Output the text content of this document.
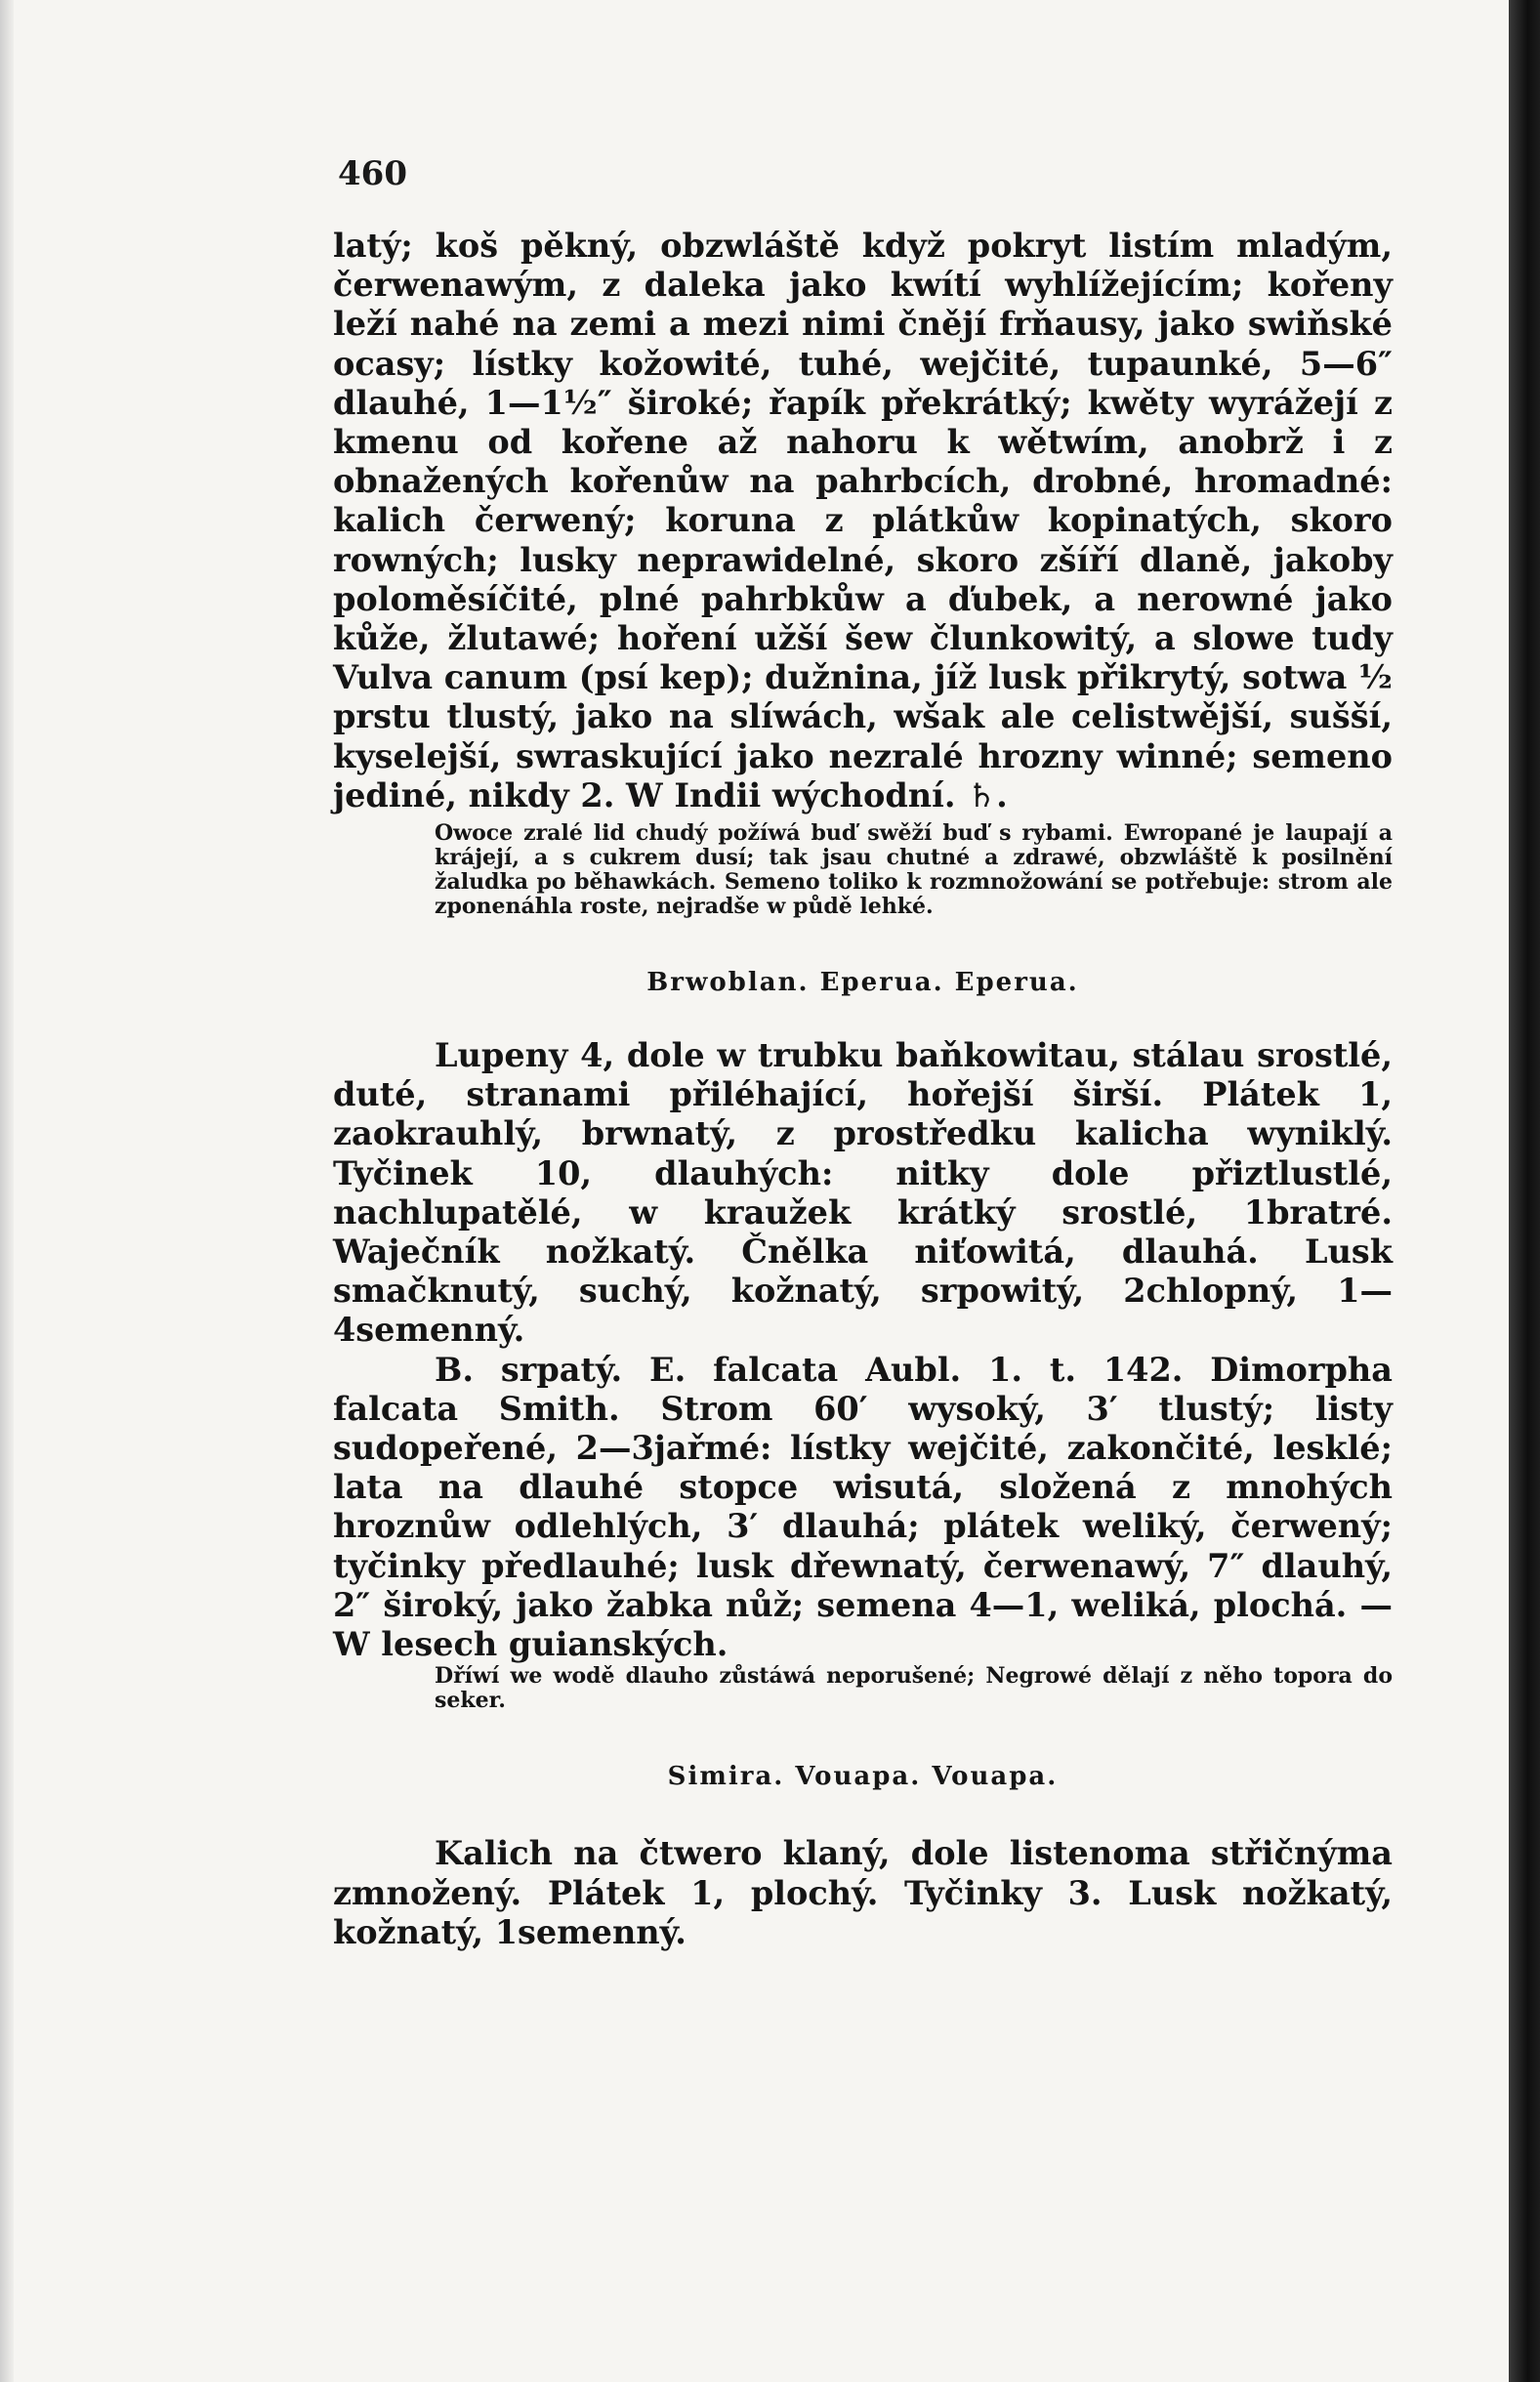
460

latý; koš pěkný, obzwláště když pokryt listím mladým, čerwenawým, z daleka jako kwítí wyhlížejícím; kořeny leží nahé na zemi a mezi nimi čnějí frňausy, jako swiňské ocasy; lístky kožowité, tuhé, wejčité, tupaunké, 5—6″ dlauhé, 1—1½″ široké; řapík překrátký; kwěty wyrážejí z kmenu od kořene až nahoru k wětwím, anobrž i z obnažených kořenůw na pahrbcích, drobné, hromadné: kalich čerwený; koruna z plátkůw kopinatých, skoro rowných; lusky neprawidelné, skoro zšíří dlaně, jakoby poloměsíčité, plné pahrbkůw a ďubek, a nerowné jako kůže, žlutawé; hoření užší šew člunkowitý, a slowe tudy Vulva canum (psí kep); dužnina, jíž lusk přikrytý, sotwa ½ prstu tlustý, jako na slíwách, wšak ale celistwější, sušší, kyselejší, swraskující jako nezralé hrozny winné; semeno jediné, nikdy 2. W Indii wýchodní. ♄.

Owoce zralé lid chudý požíwá buď swěží buď s rybami. Ewropané je laupají a krájejí, a s cukrem dusí; tak jsau chutné a zdrawé, obzwláště k posilnění žaludka po běhawkách. Semeno toliko k rozmnožowání se potřebuje: strom ale zponenáhla roste, nejradše w půdě lehké.

Brwoblan. Eperua. Eperua.

Lupeny 4, dole w trubku baňkowitau, stálau srostlé, duté, stranami přiléhající, hořejší širší. Plátek 1, zaokrauhlý, brwnatý, z prostředku kalicha wyniklý. Tyčinek 10, dlauhých: nitky dole přiztlustlé, nachlupatělé, w kraužek krátký srostlé, 1bratré. Waječník nožkatý. Čnělka niťowitá, dlauhá. Lusk smačknutý, suchý, kožnatý, srpowitý, 2chlopný, 1—4semenný.

B. srpatý. E. falcata Aubl. 1. t. 142. Dimorpha falcata Smith. Strom 60′ wysoký, 3′ tlustý; listy sudopeřené, 2—3jařmé: lístky wejčité, zakončité, lesklé; lata na dlauhé stopce wisutá, složená z mnohých hroznůw odlehlých, 3′ dlauhá; plátek weliký, čerwený; tyčinky předlauhé; lusk dřewnatý, čerwenawý, 7″ dlauhý, 2″ široký, jako žabka nůž; semena 4—1, weliká, plochá. — W lesech guianských.

Dříwí we wodě dlauho zůstáwá neporušené; Negrowé dělají z něho topora do seker.

Simira. Vouapa. Vouapa.

Kalich na čtwero klaný, dole listenoma střičnýma zmnožený. Plátek 1, plochý. Tyčinky 3. Lusk nožkatý, kožnatý, 1semenný.
